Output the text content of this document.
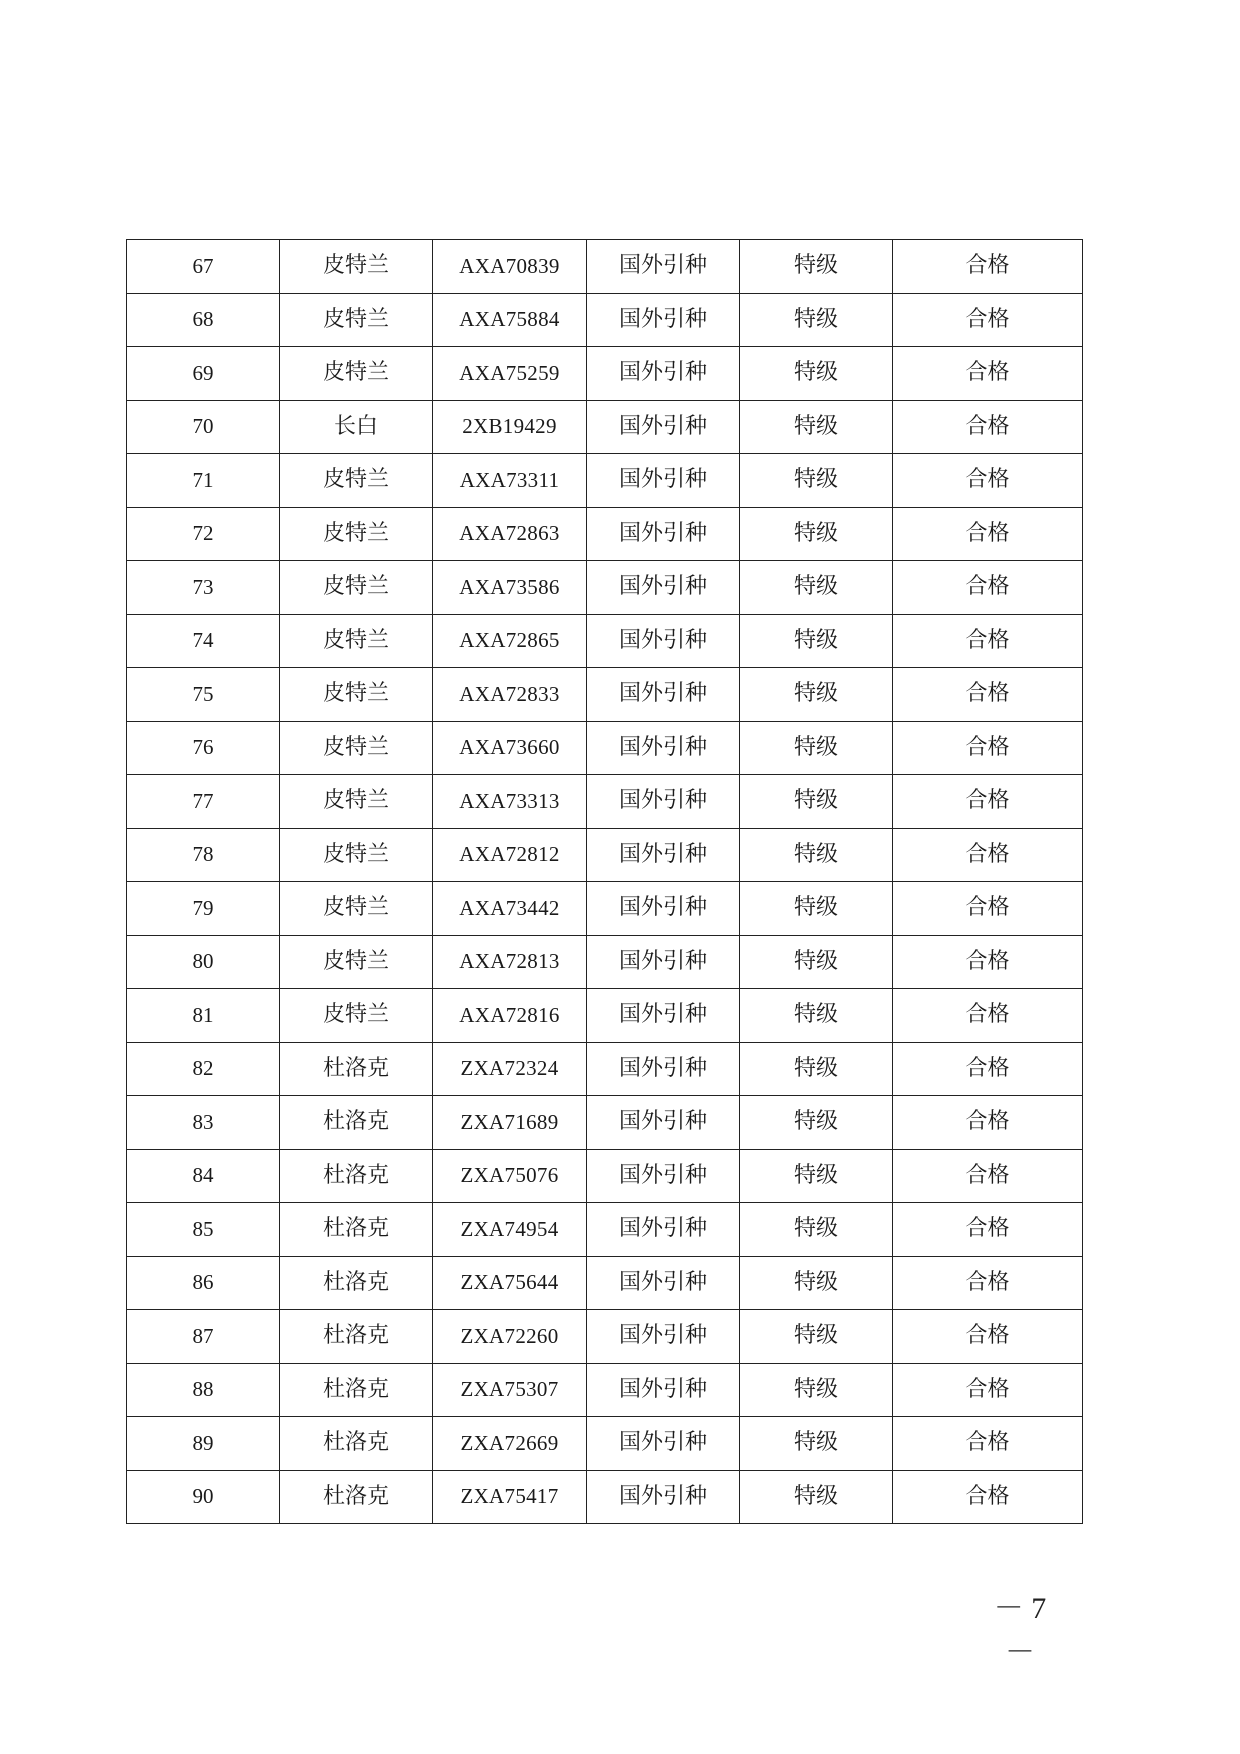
67	皮特兰	AXA70839	国外引种	特级	合格
68	皮特兰	AXA75884	国外引种	特级	合格
69	皮特兰	AXA75259	国外引种	特级	合格
70	长白	2XB19429	国外引种	特级	合格
71	皮特兰	AXA73311	国外引种	特级	合格
72	皮特兰	AXA72863	国外引种	特级	合格
73	皮特兰	AXA73586	国外引种	特级	合格
74	皮特兰	AXA72865	国外引种	特级	合格
75	皮特兰	AXA72833	国外引种	特级	合格
76	皮特兰	AXA73660	国外引种	特级	合格
77	皮特兰	AXA73313	国外引种	特级	合格
78	皮特兰	AXA72812	国外引种	特级	合格
79	皮特兰	AXA73442	国外引种	特级	合格
80	皮特兰	AXA72813	国外引种	特级	合格
81	皮特兰	AXA72816	国外引种	特级	合格
82	杜洛克	ZXA72324	国外引种	特级	合格
83	杜洛克	ZXA71689	国外引种	特级	合格
84	杜洛克	ZXA75076	国外引种	特级	合格
85	杜洛克	ZXA74954	国外引种	特级	合格
86	杜洛克	ZXA75644	国外引种	特级	合格
87	杜洛克	ZXA72260	国外引种	特级	合格
88	杜洛克	ZXA75307	国外引种	特级	合格
89	杜洛克	ZXA72669	国外引种	特级	合格
90	杜洛克	ZXA75417	国外引种	特级	合格
－ 7 －
